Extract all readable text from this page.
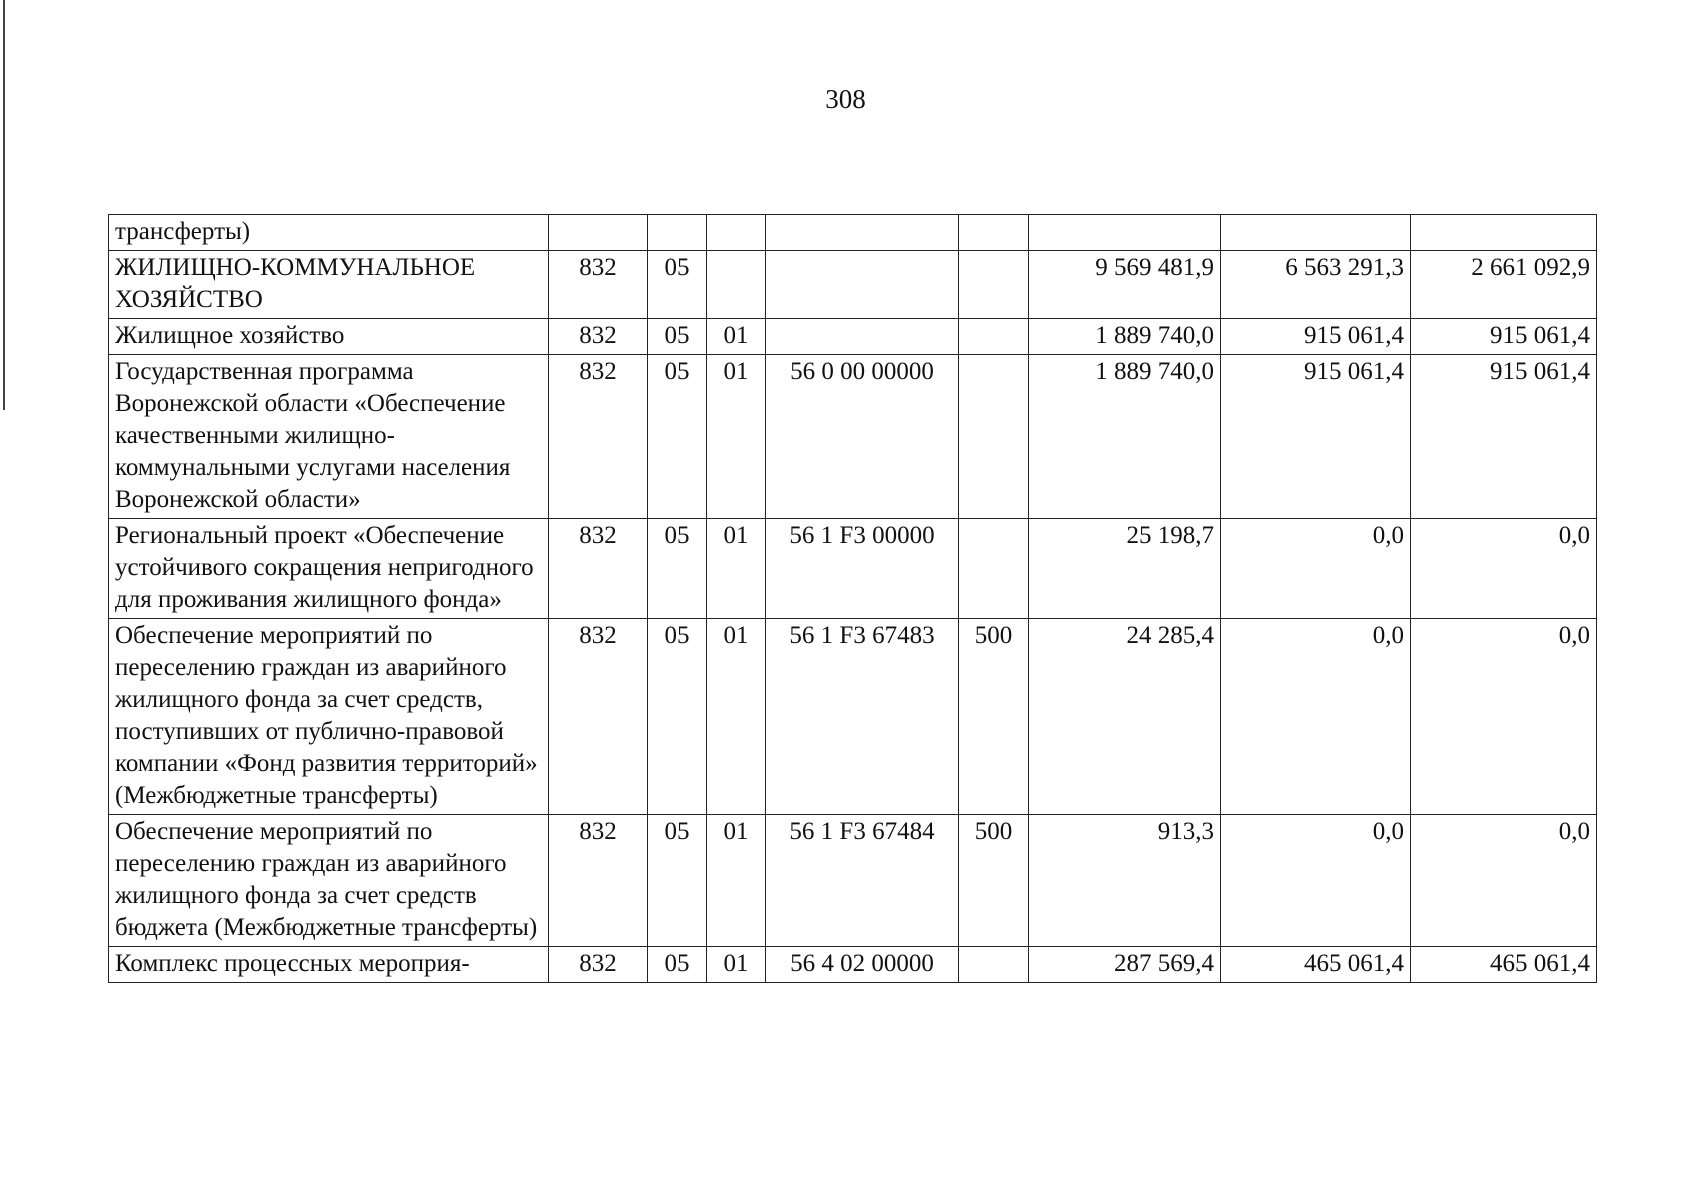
308
трансферты)								
ЖИЛИЩНО-КОММУНАЛЬНОЕ ХОЗЯЙСТВО	832	05				9 569 481,9	6 563 291,3	2 661 092,9
Жилищное хозяйство	832	05	01			1 889 740,0	915 061,4	915 061,4
Государственная программа Воронежской области «Обеспечение качественными жилищно-коммунальными услугами населения Воронежской области»	832	05	01	56 0 00 00000		1 889 740,0	915 061,4	915 061,4
Региональный проект «Обеспечение устойчивого сокращения непригодного для проживания жилищного фонда»	832	05	01	56 1 F3 00000		25 198,7	0,0	0,0
Обеспечение мероприятий по переселению граждан из аварийного жилищного фонда за счет средств, поступивших от публично-правовой компании «Фонд развития территорий» (Межбюджетные трансферты)	832	05	01	56 1 F3 67483	500	24 285,4	0,0	0,0
Обеспечение мероприятий по переселению граждан из аварийного жилищного фонда за счет средств бюджета (Межбюджетные трансферты)	832	05	01	56 1 F3 67484	500	913,3	0,0	0,0
Комплекс процессных мероприя-	832	05	01	56 4 02 00000		287 569,4	465 061,4	465 061,4
